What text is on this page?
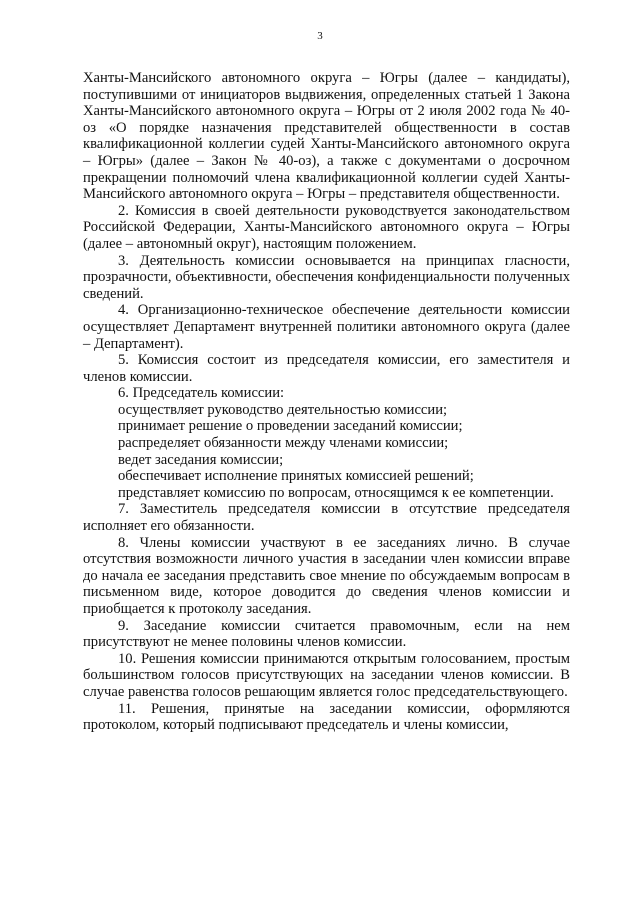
3

Ханты-Мансийского автономного округа – Югры (далее – кандидаты), поступившими от инициаторов выдвижения, определенных статьей 1 Закона Ханты-Мансийского автономного округа – Югры от 2 июля 2002 года № 40-оз «О порядке назначения представителей общественности в состав квалификационной коллегии судей Ханты-Мансийского автономного округа – Югры» (далее – Закон № 40-оз), а также с документами о досрочном прекращении полномочий члена квалификационной коллегии судей Ханты-Мансийского автономного округа – Югры – представителя общественности.

2. Комиссия в своей деятельности руководствуется законодательством Российской Федерации, Ханты-Мансийского автономного округа – Югры (далее – автономный округ), настоящим положением.

3. Деятельность комиссии основывается на принципах гласности, прозрачности, объективности, обеспечения конфиденциальности полученных сведений.

4. Организационно-техническое обеспечение деятельности комиссии осуществляет Департамент внутренней политики автономного округа (далее – Департамент).

5. Комиссия состоит из председателя комиссии, его заместителя и членов комиссии.

6. Председатель комиссии:

осуществляет руководство деятельностью комиссии;

принимает решение о проведении заседаний комиссии;

распределяет обязанности между членами комиссии;

ведет заседания комиссии;

обеспечивает исполнение принятых комиссией решений;

представляет комиссию по вопросам, относящимся к ее компетенции.

7. Заместитель председателя комиссии в отсутствие председателя исполняет его обязанности.

8. Члены комиссии участвуют в ее заседаниях лично. В случае отсутствия возможности личного участия в заседании член комиссии вправе до начала ее заседания представить свое мнение по обсуждаемым вопросам в письменном виде, которое доводится до сведения членов комиссии и приобщается к протоколу заседания.

9. Заседание комиссии считается правомочным, если на нем присутствуют не менее половины членов комиссии.

10. Решения комиссии принимаются открытым голосованием, простым большинством голосов присутствующих на заседании членов комиссии. В случае равенства голосов решающим является голос председательствующего.

11. Решения, принятые на заседании комиссии, оформляются протоколом, который подписывают председатель и члены комиссии,
